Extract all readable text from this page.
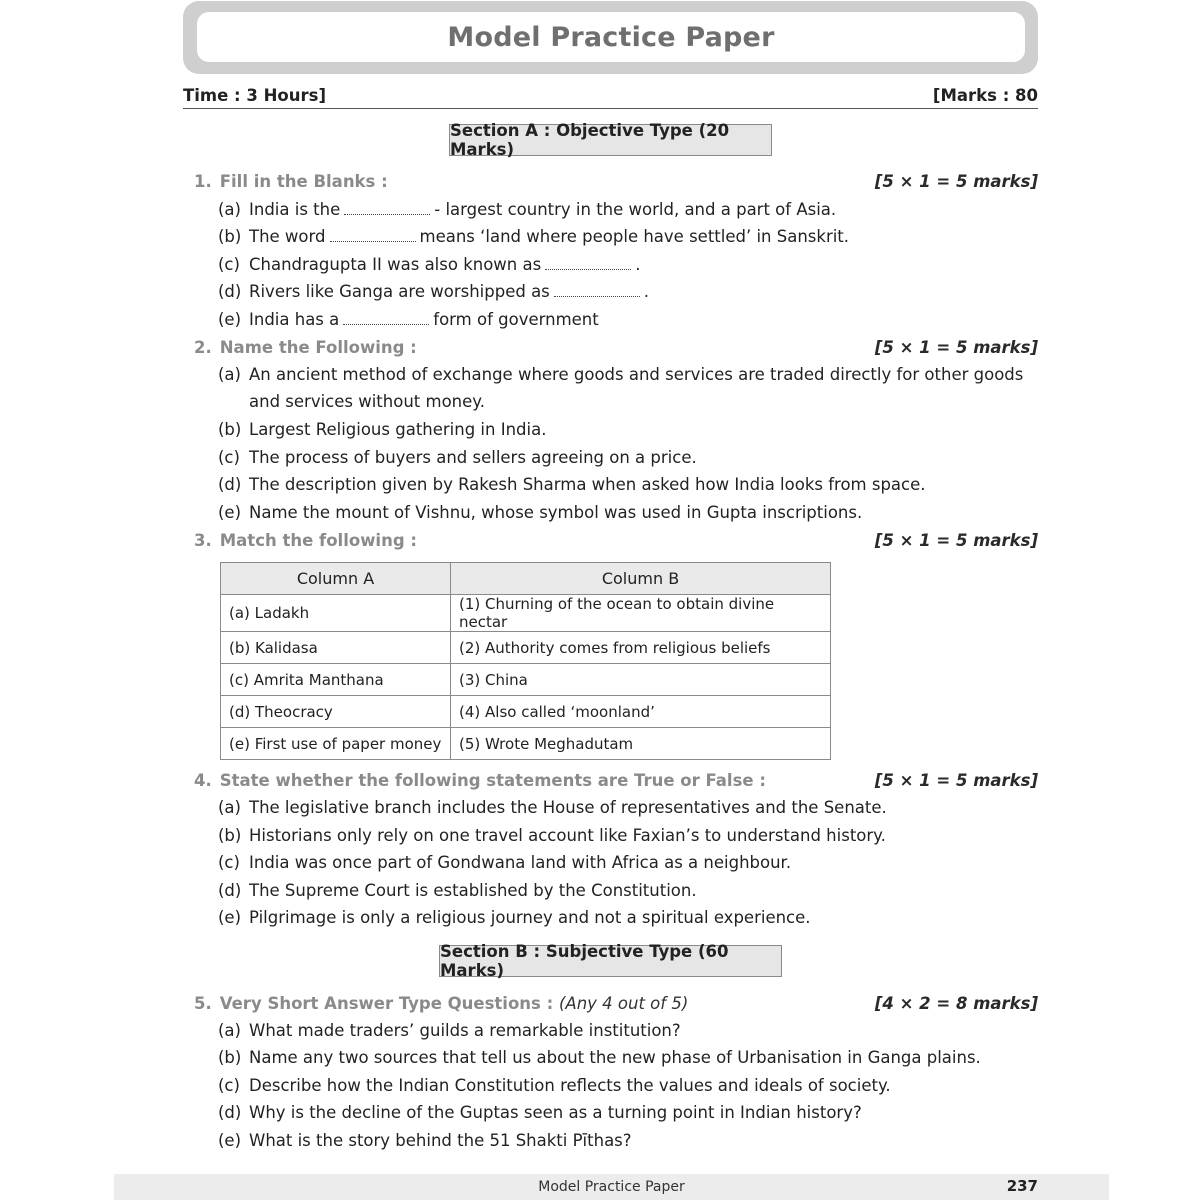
Model Practice Paper
Time : 3 Hours]	[Marks : 80
Section A : Objective Type (20 Marks)
1. Fill in the Blanks :	[5 × 1 = 5 marks]
(a) India is the	- largest country in the world, and a part of Asia.
(b) The word	means ‘land where people have settled’ in Sanskrit.
(c) Chandragupta II was also known as	.
(d) Rivers like Ganga are worshipped as	.
(e) India has a	form of government
2. Name the Following :	[5 × 1 = 5 marks]
(a) An ancient method of exchange where goods and services are traded directly for other goods and services without money.
(b) Largest Religious gathering in India.
(c) The process of buyers and sellers agreeing on a price.
(d) The description given by Rakesh Sharma when asked how India looks from space.
(e) Name the mount of Vishnu, whose symbol was used in Gupta inscriptions.
3. Match the following :	[5 × 1 = 5 marks]
Column A	Column B
(a) Ladakh	(1) Churning of the ocean to obtain divine nectar
(b) Kalidasa	(2) Authority comes from religious beliefs
(c) Amrita Manthana	(3) China
(d) Theocracy	(4) Also called ‘moonland’
(e) First use of paper money	(5) Wrote Meghadutam
4. State whether the following statements are True or False :	[5 × 1 = 5 marks]
(a) The legislative branch includes the House of representatives and the Senate.
(b) Historians only rely on one travel account like Faxian’s to understand history.
(c) India was once part of Gondwana land with Africa as a neighbour.
(d) The Supreme Court is established by the Constitution.
(e) Pilgrimage is only a religious journey and not a spiritual experience.
Section B : Subjective Type (60 Marks)
5. Very Short Answer Type Questions : (Any 4 out of 5)	[4 × 2 = 8 marks]
(a) What made traders’ guilds a remarkable institution?
(b) Name any two sources that tell us about the new phase of Urbanisation in Ganga plains.
(c) Describe how the Indian Constitution reflects the values and ideals of society.
(d) Why is the decline of the Guptas seen as a turning point in Indian history?
(e) What is the story behind the 51 Shakti Pīthas?
Model Practice Paper	237
